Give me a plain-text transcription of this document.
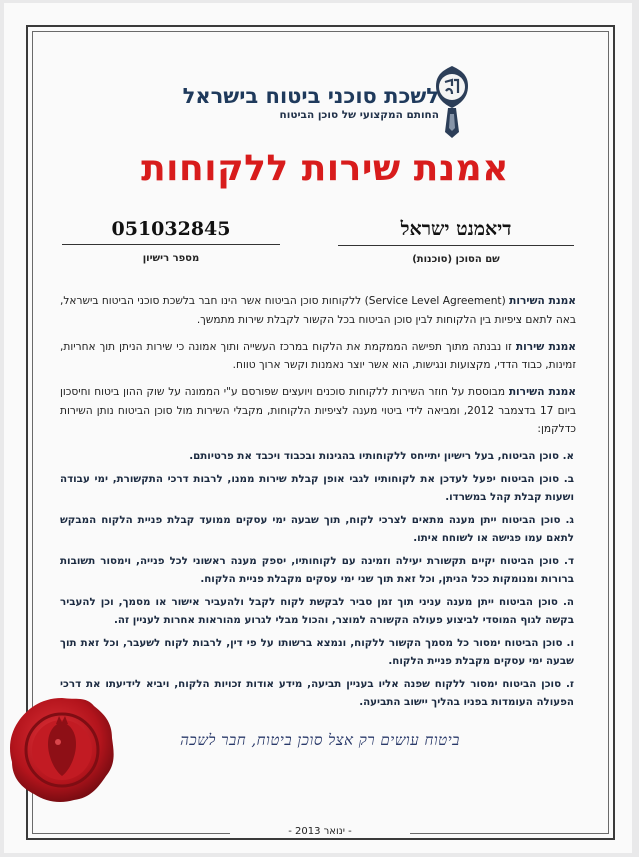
לשכת סוכני ביטוח בישראל
החותם המקצועי של סוכן הביטוח
אמנת שירות ללקוחות
דיאמנט ישראל
שם הסוכן (סוכנות)
051032845
מספר רישיון

אמנת השירות (Service Level Agreement) ללקוחות סוכן הביטוח אשר הינו חבר בלשכת סוכני הביטוח בישראל, באה לתאם ציפיות בין הלקוחות לבין סוכן הביטוח בכל הקשור לקבלת שירות מתמשך.

אמנת שירות זו נבנתה מתוך תפישה הממקמת את הלקוח במרכז העשייה ותוך אמונה כי שירות הניתן תוך אחריות, זמינות, כבוד הדדי, מקצועות ונגישות, הוא אשר יוצר נאמנות וקשר ארוך טווח.

אמנת השירות מבוססת על חוזר השירות ללקוחות סוכנים ויועצים שפורסם ע"י הממונה על שוק ההון ביטוח וחיסכון ביום 17 בדצמבר 2012, ומביאה לידי ביטוי מענה לציפיות הלקוחות, מקבלי השירות מול סוכן הביטוח נותן השירות כדלקמן:

א. סוכן הביטוח, בעל רישיון יתייחס ללקוחותיו בהגינות ובכבוד ויכבד את פרטיותם.
ב. סוכן הביטוח יפעל לעדכן את לקוחותיו לגבי אופן קבלת שירות ממנו, לרבות דרכי התקשורת, ימי עבודה ושעות קבלת קהל במשרדו.
ג. סוכן הביטוח ייתן מענה מתאים לצרכי לקוח, תוך שבעה ימי עסקים ממועד קבלת פניית הלקוח המבקש לתאם עמו פגישה או לשוחח איתו.
ד. סוכן הביטוח יקיים תקשורת יעילה וזמינה עם לקוחותיו, יספק מענה ראשוני לכל פנייה, וימסור תשובות ברורות ומנומקות ככל הניתן, וכל זאת תוך שני ימי עסקים מקבלת פניית הלקוח.
ה. סוכן הביטוח ייתן מענה עניני תוך זמן סביר לבקשת לקוח לקבל ולהעביר אישור או מסמך, וכן להעביר בקשה לגוף המוסדי לביצוע פעולה הקשורה למוצר, והכול מבלי לגרוע מהוראות אחרות לעניין זה.
ו. סוכן הביטוח ימסור כל מסמך הקשור ללקוח, ונמצא ברשותו על פי דין, לרבות לקוח לשעבר, וכל זאת תוך שבעה ימי עסקים מקבלת פניית הלקוח.
ז. סוכן הביטוח ימסור ללקוח שפנה אליו בעניין תביעה, מידע אודות זכויות הלקוח, ויביא לידיעתו את דרכי הפעולה העומדות בפניו בהליך יישוב התביעה.
ביטוח עושים רק אצל סוכן ביטוח, חבר לשכה
- ינואר 2013 -
